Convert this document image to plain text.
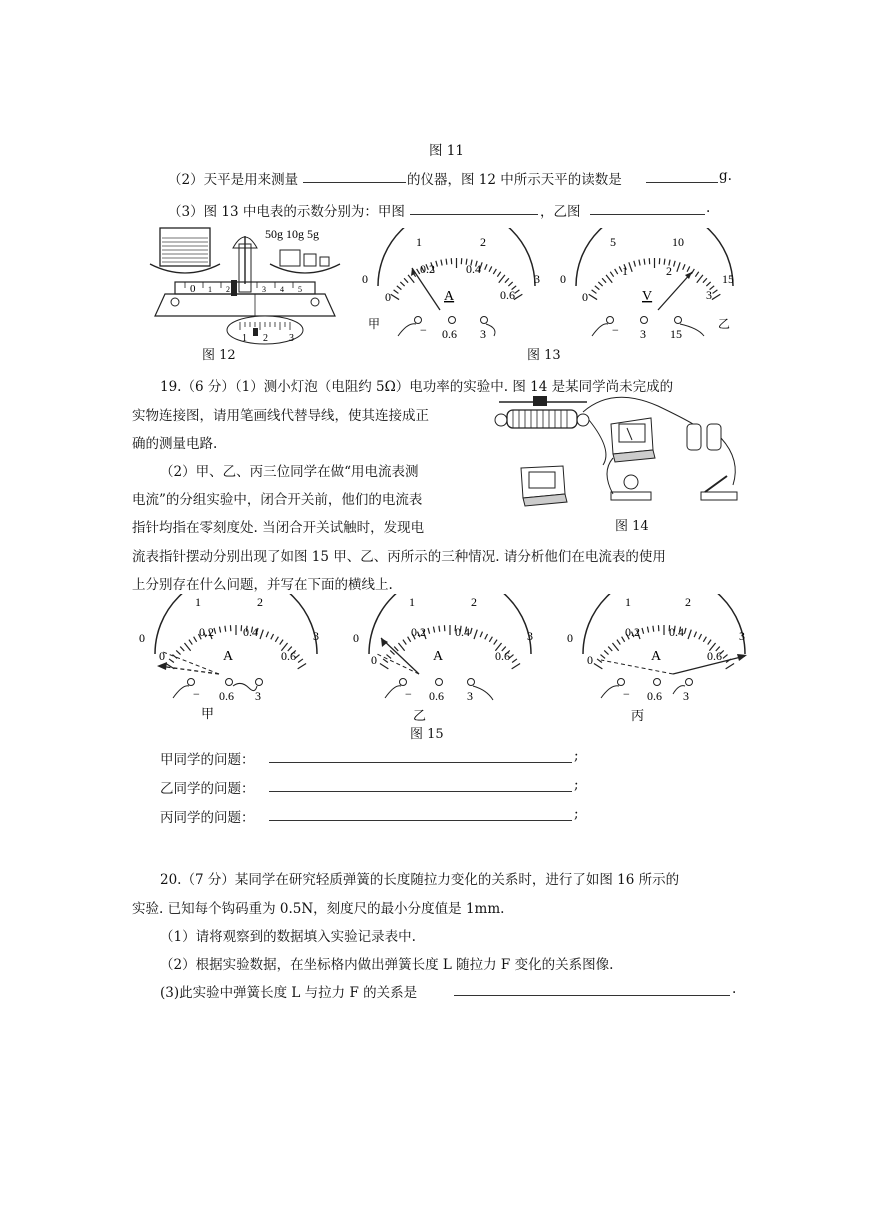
图 11
（2）天平是用来测量	的仪器，图 12 中所示天平的读数是	g.
（3）图 13 中电表的示数分别为：甲图	，乙图	.
50g 10g 5g
0 1 2	3 4 5
1 2 3
图 12
0
1	2
3
0
0.2	0.4
0.6
A
− 0.6 3
甲
0
5	10
15
0
1	2
3
V
− 3 15
乙
图 13
19.（6 分）（1）测小灯泡（电阻约 5Ω）电功率的实验中. 图 14 是某同学尚未完成的
实物连接图，请用笔画线代替导线，使其连接成正
确的测量电路.
（2）甲、乙、丙三位同学在做“用电流表测
电流”的分组实验中，闭合开关前，他们的电流表
指针均指在零刻度处. 当闭合开关试触时，发现电
流表指针摆动分别出现了如图 15 甲、乙、丙所示的三种情况. 请分析他们在电流表的使用
上分别存在什么问题，并写在下面的横线上.
图 14
0
1	2
3
0
0.2 0.4
0.6
A
− 0.6 3
甲
0
1	2
3
0
0.2 0.4
0.6
A
− 0.6 3
乙
0
1	2
3
0
0.2 0.4
0.6
A
− 0.6 3
丙
图 15
甲同学的问题：	;
乙同学的问题：	;
丙同学的问题：	;
20.（7 分）某同学在研究轻质弹簧的长度随拉力变化的关系时，进行了如图 16 所示的
实验. 已知每个钩码重为 0.5N，刻度尺的最小分度值是 1mm.
（1）请将观察到的数据填入实验记录表中.
（2）根据实验数据，在坐标格内做出弹簧长度 L 随拉力 F 变化的关系图像.
(3)此实验中弹簧长度 L 与拉力 F 的关系是	.
